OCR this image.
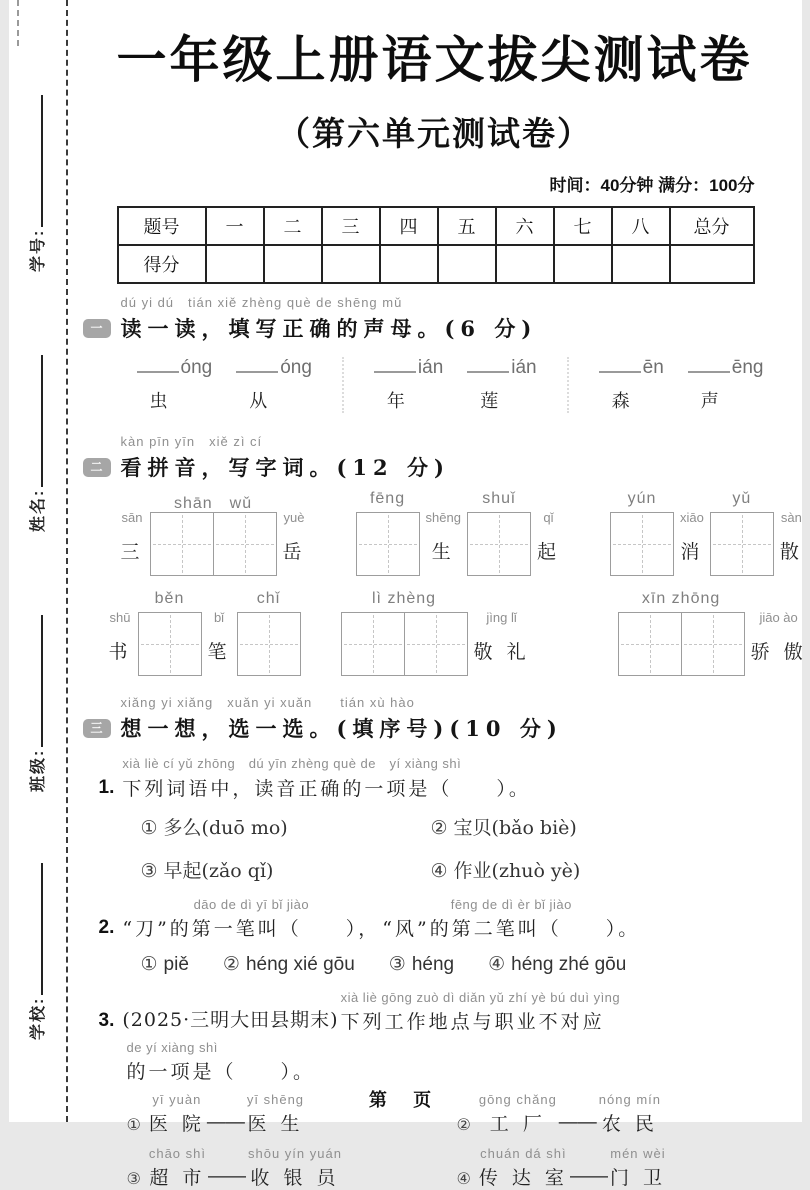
学号:
姓名:
班级:
学校:
一年级上册语文拔尖测试卷
（第六单元测试卷）
时间：40分钟 满分：100分
题号	一	二	三	四	五	六	七	八	总分
得分									
一
dú yi dú　tián xiě zhèng què de shēng mǔ
读一读，填写正确的声母。(6 分)
óng
虫
óng
从
ián
年
ián
莲
ēn
森
ēng
声
二
kàn pīn yīn　xiě zì cí
看拼音，写字词。(12 分)
sān
三
shān　wǔ
yuè
岳
fēng
shēng
生
shuǐ
qǐ
起
yún
xiāo
消
yǔ
sàn
散
shū
书
běn
bǐ
笔
chǐ	lì zhèng
jìng lǐ
敬 礼
xīn zhōng
jiāo ào
骄 傲
三
xiǎng yi xiǎng　xuǎn yi xuǎn　　tián xù hào
想一想，选一选。(填序号)(10 分)
1.
xià liè cí yǔ zhōng　dú yīn zhèng què de　yí xiàng shì
下列词语中，读音正确的一项是（　　）。
① 多么(duō mo)	② 宝贝(bǎo biè)
③ 早起(zǎo qǐ)	④ 作业(zhuò yè)
2.
dāo de dì yī bǐ jiào
“刀”的第一笔叫（　　），
fēng de dì èr bǐ jiào
“风”的第二笔叫（　　）。
① piě ② héng xié gōu ③ héng ④ héng zhé gōu
3. (2025·三明大田县期末)
xià liè gōng zuò dì diǎn yǔ zhí yè bú duì yìng
下列工作地点与职业不对应
de yí xiàng shì
的一项是（　　）。
①
yī yuàn
医 院 ——
yī shēng
医 生	②
gōng chǎng
工 厂 ——
nóng mín
农 民
③
chāo shì
超 市 ——
shōu yín yuán
收 银 员	④
chuán dá shì
传 达 室 ——
mén wèi
门 卫
第 页
